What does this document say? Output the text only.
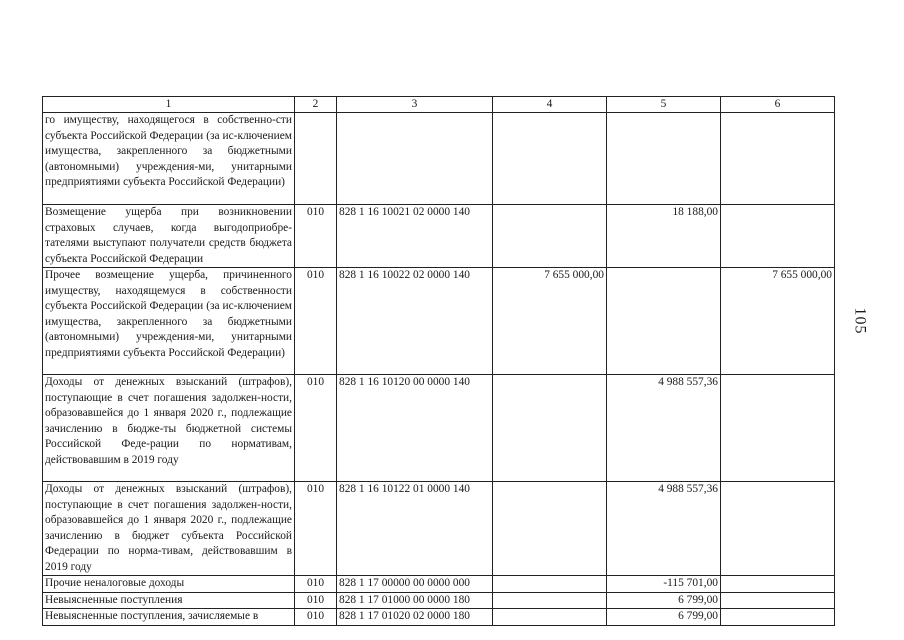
105
1	2	3	4	5	6
го имуществу, находящегося в собственно-сти субъекта Российской Федерации (за ис-ключением имущества, закрепленного за бюджетными (автономными) учреждения-ми, унитарными предприятиями субъекта Российской Федерации)					
Возмещение ущерба при возникновении страховых случаев, когда выгодоприобре-тателями выступают получатели средств бюджета субъекта Российской Федерации	010	828 1 16 10021 02 0000 140		18 188,00	
Прочее возмещение ущерба, причиненного имуществу, находящемуся в собственности субъекта Российской Федерации (за ис-ключением имущества, закрепленного за бюджетными (автономными) учреждения-ми, унитарными предприятиями субъекта Российской Федерации)	010	828 1 16 10022 02 0000 140	7 655 000,00		7 655 000,00
Доходы от денежных взысканий (штрафов), поступающие в счет погашения задолжен-ности, образовавшейся до 1 января 2020 г., подлежащие зачислению в бюдже-ты бюджетной системы Российской Феде-рации по нормативам, действовавшим в 2019 году	010	828 1 16 10120 00 0000 140		4 988 557,36	
Доходы от денежных взысканий (штрафов), поступающие в счет погашения задолжен-ности, образовавшейся до 1 января 2020 г., подлежащие зачислению в бюджет субъекта Российской Федерации по норма-тивам, действовавшим в 2019 году	010	828 1 16 10122 01 0000 140		4 988 557,36	
Прочие неналоговые доходы	010	828 1 17 00000 00 0000 000		-115 701,00	
Невыясненные поступления	010	828 1 17 01000 00 0000 180		6 799,00	
Невыясненные поступления, зачисляемые в	010	828 1 17 01020 02 0000 180		6 799,00	
